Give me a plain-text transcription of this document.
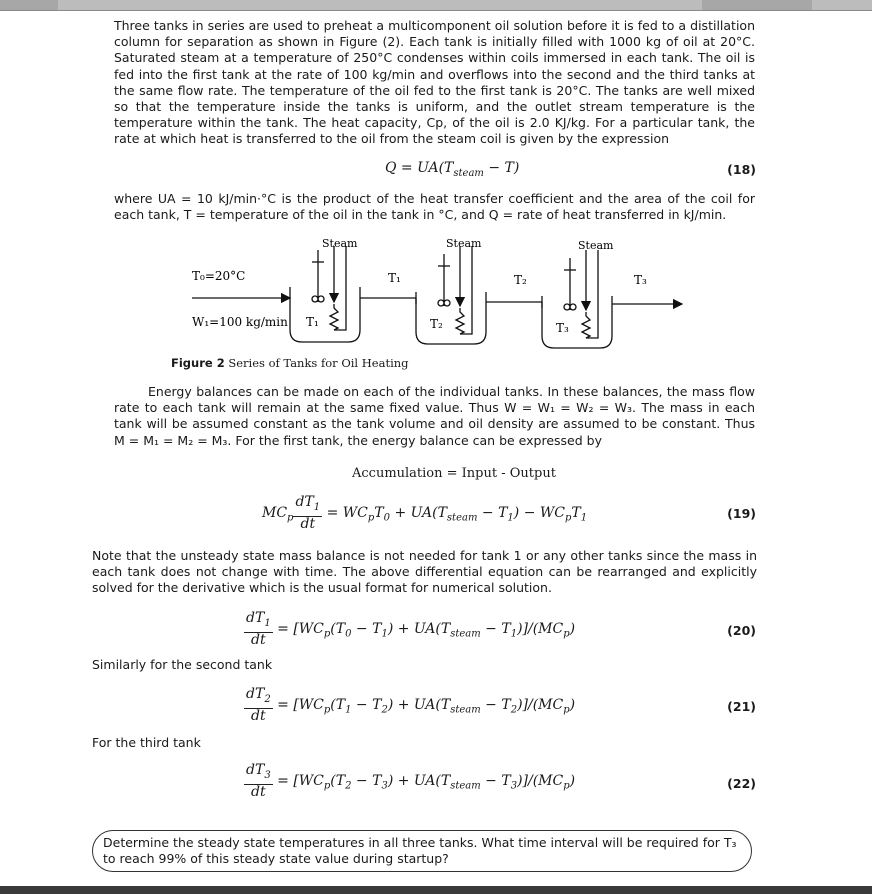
Three tanks in series are used to preheat a multicomponent oil solution before it is fed to a distillation column for separation as shown in Figure (2). Each tank is initially filled with 1000 kg of oil at 20°C. Saturated steam at a temperature of 250°C condenses within coils immersed in each tank. The oil is fed into the first tank at the rate of 100 kg/min and overflows into the second and the third tanks at the same flow rate. The temperature of the oil fed to the first tank is 20°C. The tanks are well mixed so that the temperature inside the tanks is uniform, and the outlet stream temperature is the temperature within the tank. The heat capacity, Cp, of the oil is 2.0 KJ/kg. For a particular tank, the rate at which heat is transferred to the oil from the steam coil is given by the expression

$Q = UA(T_{steam} - T)$	(18)

where UA = 10 kJ/min·°C is the product of the heat transfer coefficient and the area of the coil for each tank, T = temperature of the oil in the tank in °C, and Q = rate of heat transferred in kJ/min.

Steam	Steam	Steam
T₀=20°C
W₁=100 kg/min
T₁	T₂	T₃
T₁	T₂	T₃
Figure 2 Series of Tanks for Oil Heating

Energy balances can be made on each of the individual tanks. In these balances, the mass flow rate to each tank will remain at the same fixed value. Thus W = W₁ = W₂ = W₃. The mass in each tank will be assumed constant as the tank volume and oil density are assumed to be constant. Thus M = M₁ = M₂ = M₃. For the first tank, the energy balance can be expressed by

Accumulation = Input - Output
$MC_p \frac{dT_1}{dt} = WC_pT_0 + UA(T_{steam} - T_1) - WC_pT_1$	(19)

Note that the unsteady state mass balance is not needed for tank 1 or any other tanks since the mass in each tank does not change with time. The above differential equation can be rearranged and explicitly solved for the derivative which is the usual format for numerical solution.

$\frac{dT_1}{dt} = [WC_p(T_0 - T_1) + UA(T_{steam} - T_1)]/(MC_p)$	(20)
Similarly for the second tank
$\frac{dT_2}{dt} = [WC_p(T_1 - T_2) + UA(T_{steam} - T_2)]/(MC_p)$	(21)
For the third tank
$\frac{dT_3}{dt} = [WC_p(T_2 - T_3) + UA(T_{steam} - T_3)]/(MC_p)$	(22)
Determine the steady state temperatures in all three tanks. What time interval will be required for T₃ to reach 99% of this steady state value during startup?
